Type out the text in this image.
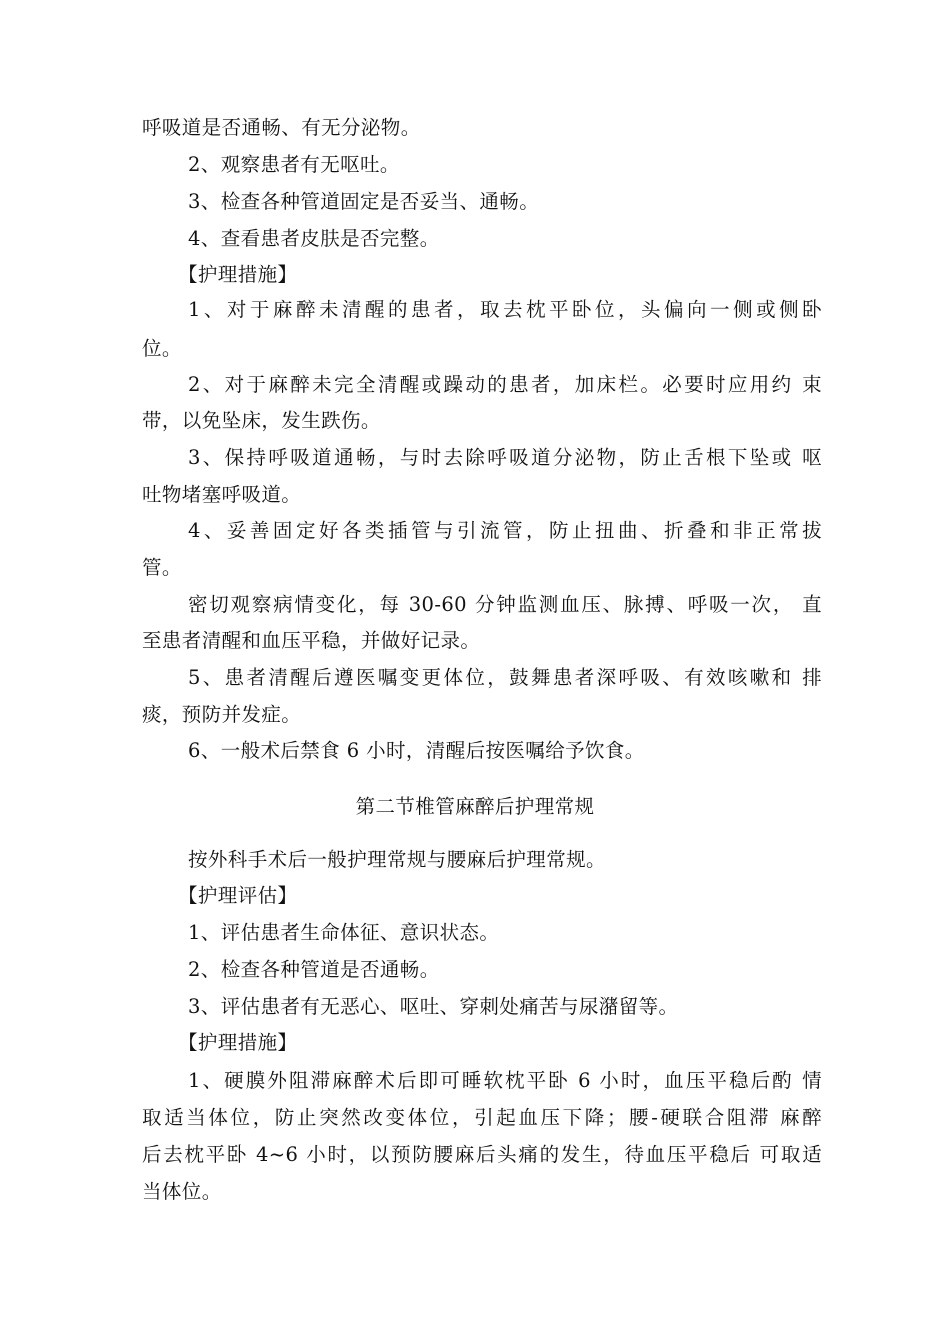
呼吸道是否通畅、有无分泌物。
2、观察患者有无呕吐。
3、检查各种管道固定是否妥当、通畅。
4、查看患者皮肤是否完整。
【护理措施】
1、对于麻醉未清醒的患者，取去枕平卧位，头偏向一侧或侧卧
位。
2、对于麻醉未完全清醒或躁动的患者，加床栏。必要时应用约 束
带，以免坠床，发生跌伤。
3、保持呼吸道通畅，与时去除呼吸道分泌物，防止舌根下坠或 呕
吐物堵塞呼吸道。
4、妥善固定好各类插管与引流管，防止扭曲、折叠和非正常拔
管。
密切观察病情变化，每 30-60 分钟监测血压、脉搏、呼吸一次， 直
至患者清醒和血压平稳，并做好记录。
5、患者清醒后遵医嘱变更体位，鼓舞患者深呼吸、有效咳嗽和 排
痰，预防并发症。
6、一般术后禁食 6 小时，清醒后按医嘱给予饮食。
第二节椎管麻醉后护理常规
按外科手术后一般护理常规与腰麻后护理常规。
【护理评估】
1、评估患者生命体征、意识状态。
2、检查各种管道是否通畅。
3、评估患者有无恶心、呕吐、穿刺处痛苦与尿潴留等。
【护理措施】
1、硬膜外阻滞麻醉术后即可睡软枕平卧 6 小时，血压平稳后酌 情
取适当体位，防止突然改变体位，引起血压下降；腰-硬联合阻滞 麻醉
后去枕平卧 4~6 小时，以预防腰麻后头痛的发生，待血压平稳后 可取适
当体位。
